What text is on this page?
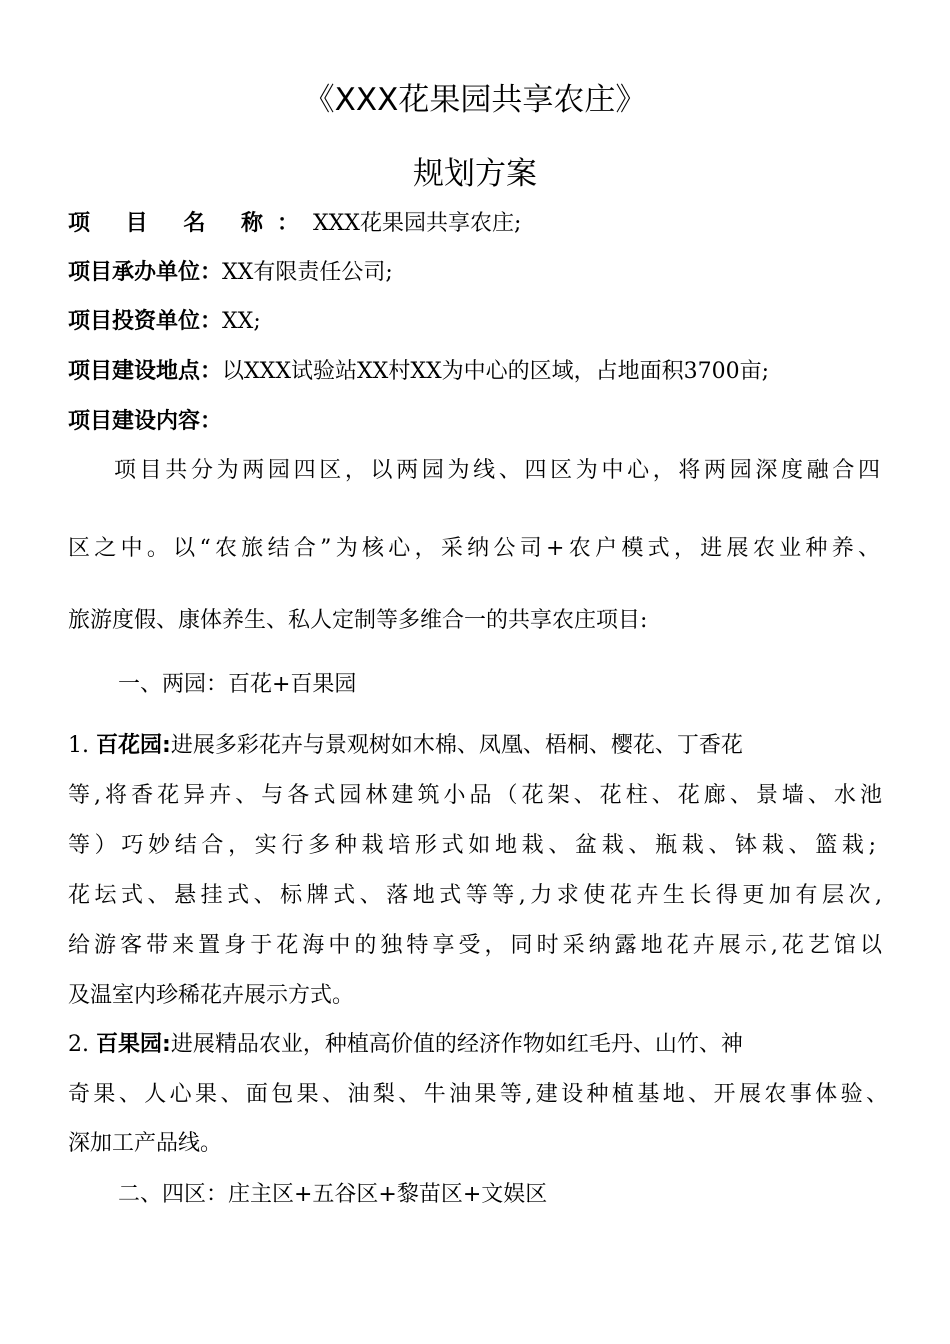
《XXX花果园共享农庄》
规划方案
项 目 名 称：XXX花果园共享农庄;
项目承办单位：XX有限责任公司;
项目投资单位：XX;
项目建设地点：以XXX试验站XX村XX为中心的区域，占地面积3700亩;
项目建设内容：
项目共分为两园四区，以两园为线、四区为中心，将两园深度融合四
区之中。以“农旅结合”为核心，采纳公司+农户模式，进展农业种养、
旅游度假、康体养生、私人定制等多维合一的共享农庄项目:
一、两园：百花+百果园
1. 百花园:进展多彩花卉与景观树如木棉、凤凰、梧桐、樱花、丁香花
等,将香花异卉、与各式园林建筑小品（花架、花柱、花廊、景墙、水池
等）巧妙结合，实行多种栽培形式如地栽、盆栽、瓶栽、钵栽、篮栽;
花坛式、悬挂式、标牌式、落地式等等,力求使花卉生长得更加有层次,
给游客带来置身于花海中的独特享受，同时采纳露地花卉展示,花艺馆以
及温室内珍稀花卉展示方式。
2. 百果园:进展精品农业，种植高价值的经济作物如红毛丹、山竹、神
奇果、人心果、面包果、油梨、牛油果等,建设种植基地、开展农事体验、
深加工产品线。
二、四区：庄主区+五谷区+黎苗区+文娱区
